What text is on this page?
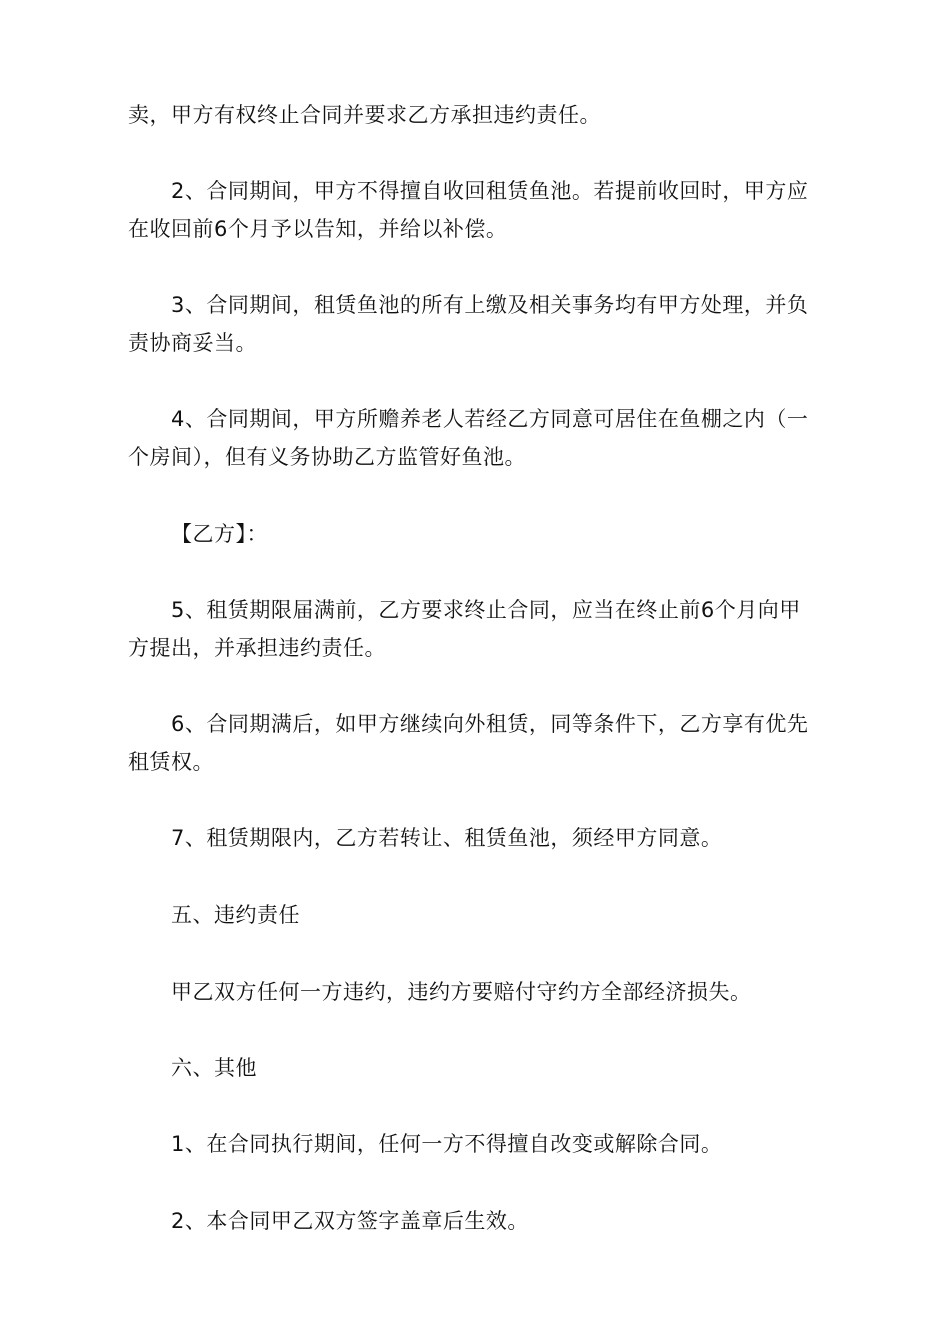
卖，甲方有权终止合同并要求乙方承担违约责任。

2、合同期间，甲方不得擅自收回租赁鱼池。若提前收回时，甲方应在收回前6个月予以告知，并给以补偿。

3、合同期间，租赁鱼池的所有上缴及相关事务均有甲方处理，并负责协商妥当。

4、合同期间，甲方所赡养老人若经乙方同意可居住在鱼棚之内（一个房间），但有义务协助乙方监管好鱼池。

【乙方】：

5、租赁期限届满前，乙方要求终止合同，应当在终止前6个月向甲方提出，并承担违约责任。

6、合同期满后，如甲方继续向外租赁，同等条件下，乙方享有优先租赁权。

7、租赁期限内，乙方若转让、租赁鱼池，须经甲方同意。

五、违约责任

甲乙双方任何一方违约，违约方要赔付守约方全部经济损失。

六、其他

1、在合同执行期间，任何一方不得擅自改变或解除合同。

2、本合同甲乙双方签字盖章后生效。
